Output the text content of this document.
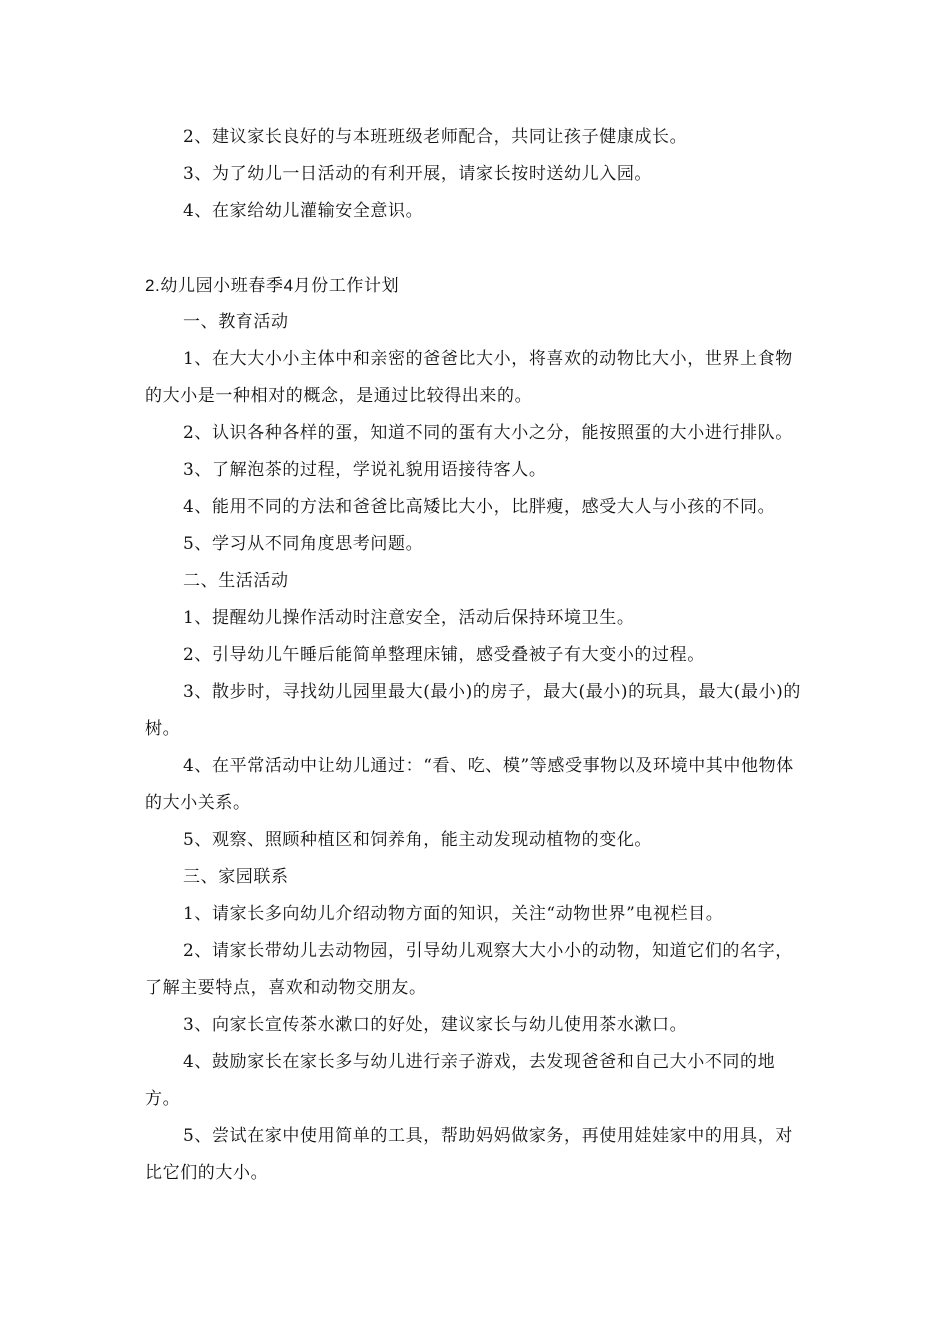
2、建议家长良好的与本班班级老师配合，共同让孩子健康成长。

3、为了幼儿一日活动的有利开展，请家长按时送幼儿入园。

4、在家给幼儿灌输安全意识。

2.幼儿园小班春季4月份工作计划

一、教育活动

1、在大大小小主体中和亲密的爸爸比大小，将喜欢的动物比大小，世界上食物的大小是一种相对的概念，是通过比较得出来的。

2、认识各种各样的蛋，知道不同的蛋有大小之分，能按照蛋的大小进行排队。

3、了解泡茶的过程，学说礼貌用语接待客人。

4、能用不同的方法和爸爸比高矮比大小，比胖瘦，感受大人与小孩的不同。

5、学习从不同角度思考问题。

二、生活活动

1、提醒幼儿操作活动时注意安全，活动后保持环境卫生。

2、引导幼儿午睡后能简单整理床铺，感受叠被子有大变小的过程。

3、散步时，寻找幼儿园里最大(最小)的房子，最大(最小)的玩具，最大(最小)的树。

4、在平常活动中让幼儿通过：“看、吃、模”等感受事物以及环境中其中他物体的大小关系。

5、观察、照顾种植区和饲养角，能主动发现动植物的变化。

三、家园联系

1、请家长多向幼儿介绍动物方面的知识，关注“动物世界”电视栏目。

2、请家长带幼儿去动物园，引导幼儿观察大大小小的动物，知道它们的名字，了解主要特点，喜欢和动物交朋友。

3、向家长宣传茶水漱口的好处，建议家长与幼儿使用茶水漱口。

4、鼓励家长在家长多与幼儿进行亲子游戏，去发现爸爸和自己大小不同的地方。

5、尝试在家中使用简单的工具，帮助妈妈做家务，再使用娃娃家中的用具，对比它们的大小。
